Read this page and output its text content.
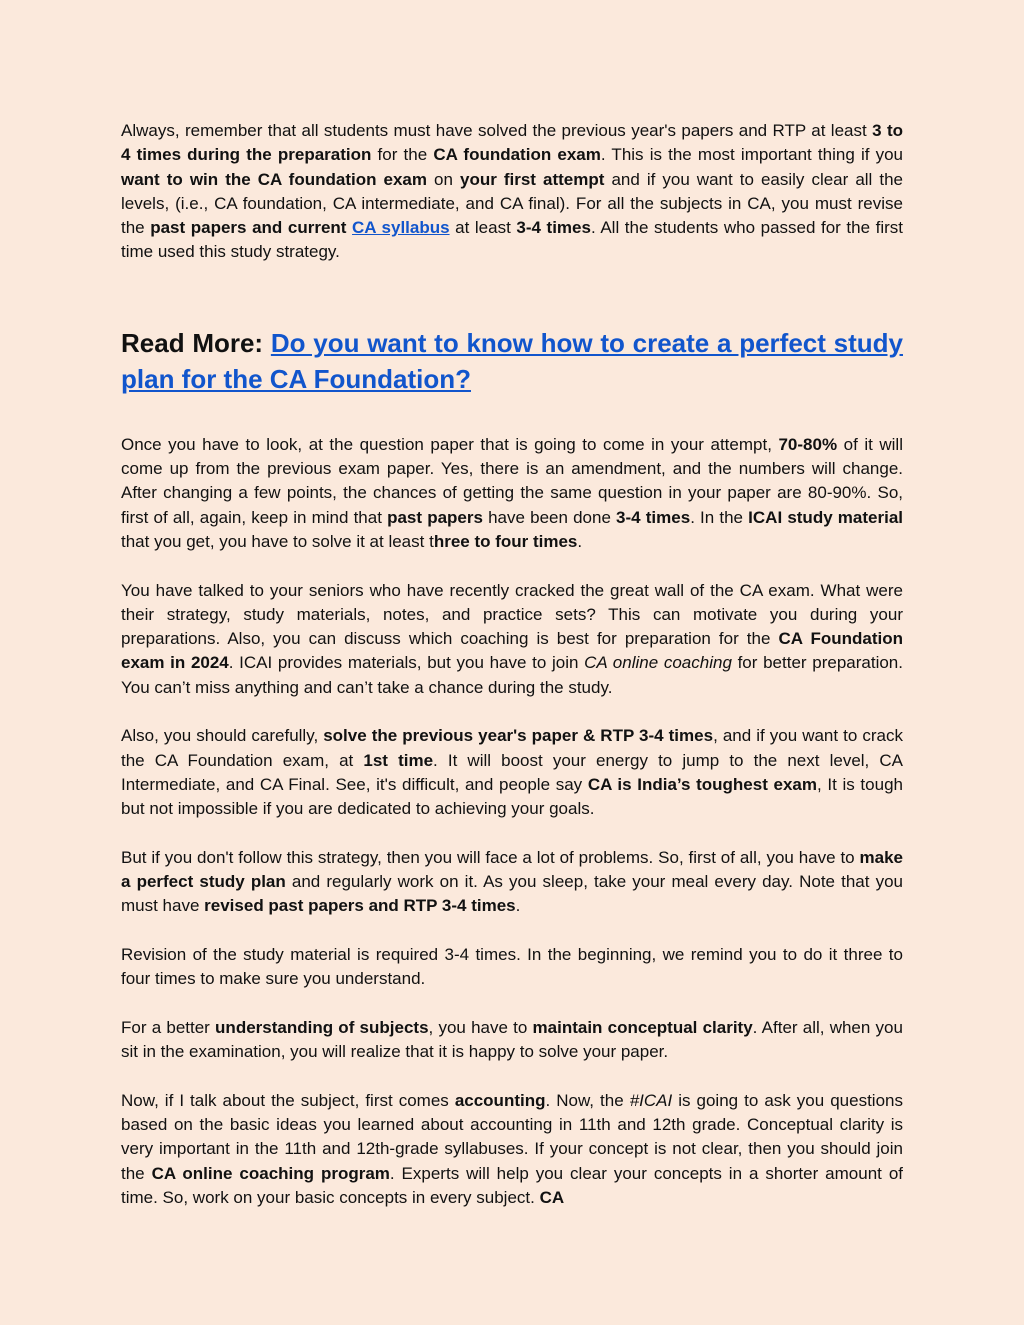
Always, remember that all students must have solved the previous year's papers and RTP at least 3 to 4 times during the preparation for the CA foundation exam. This is the most important thing if you want to win the CA foundation exam on your first attempt and if you want to easily clear all the levels, (i.e., CA foundation, CA intermediate, and CA final). For all the subjects in CA, you must revise the past papers and current CA syllabus at least 3-4 times. All the students who passed for the first time used this study strategy.

Read More: Do you want to know how to create a perfect study plan for the CA Foundation?

Once you have to look, at the question paper that is going to come in your attempt, 70-80% of it will come up from the previous exam paper. Yes, there is an amendment, and the numbers will change. After changing a few points, the chances of getting the same question in your paper are 80-90%. So, first of all, again, keep in mind that past papers have been done 3-4 times. In the ICAI study material that you get, you have to solve it at least three to four times.

You have talked to your seniors who have recently cracked the great wall of the CA exam. What were their strategy, study materials, notes, and practice sets? This can motivate you during your preparations. Also, you can discuss which coaching is best for preparation for the CA Foundation exam in 2024. ICAI provides materials, but you have to join CA online coaching for better preparation. You can’t miss anything and can’t take a chance during the study.

Also, you should carefully, solve the previous year's paper & RTP 3-4 times, and if you want to crack the CA Foundation exam, at 1st time. It will boost your energy to jump to the next level, CA Intermediate, and CA Final. See, it's difficult, and people say CA is India’s toughest exam, It is tough but not impossible if you are dedicated to achieving your goals.

But if you don't follow this strategy, then you will face a lot of problems. So, first of all, you have to make a perfect study plan and regularly work on it. As you sleep, take your meal every day. Note that you must have revised past papers and RTP 3-4 times.

Revision of the study material is required 3-4 times. In the beginning, we remind you to do it three to four times to make sure you understand.

For a better understanding of subjects, you have to maintain conceptual clarity. After all, when you sit in the examination, you will realize that it is happy to solve your paper.

Now, if I talk about the subject, first comes accounting. Now, the #ICAI is going to ask you questions based on the basic ideas you learned about accounting in 11th and 12th grade. Conceptual clarity is very important in the 11th and 12th-grade syllabuses. If your concept is not clear, then you should join the CA online coaching program. Experts will help you clear your concepts in a shorter amount of time. So, work on your basic concepts in every subject. CA
